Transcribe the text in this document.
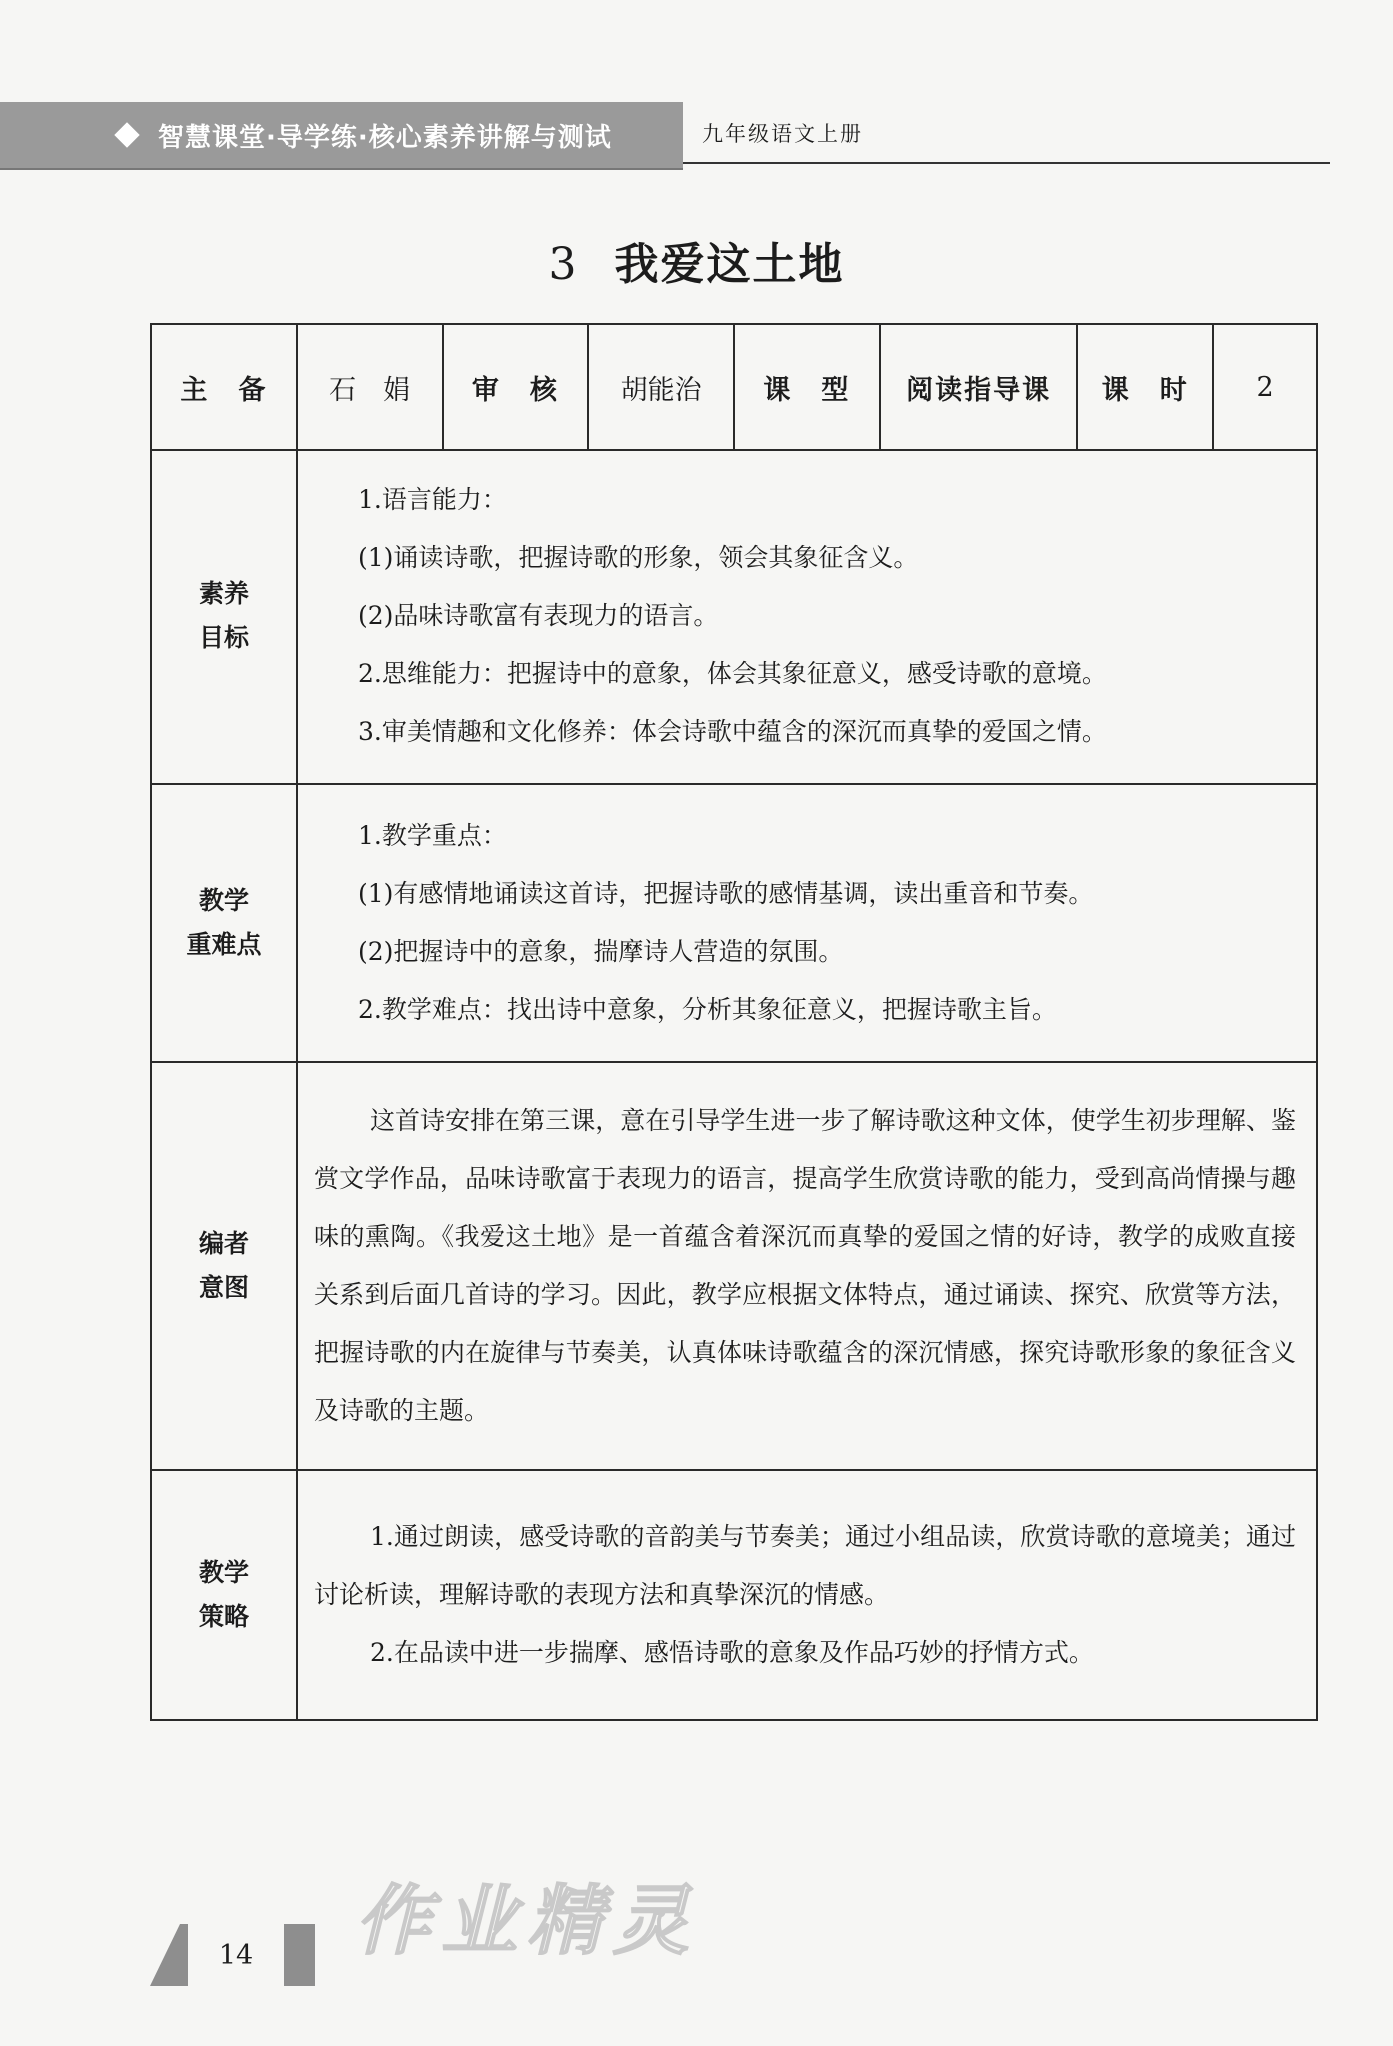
智慧课堂·导学练·核心素养讲解与测试	九年级语文上册
3 我爱这土地
主　备	石　娟	审　核	胡能治	课　型	阅读指导课	课　时	2
素养
目标

1.语言能力：

(1)诵读诗歌，把握诗歌的形象，领会其象征含义。

(2)品味诗歌富有表现力的语言。

2.思维能力：把握诗中的意象，体会其象征意义，感受诗歌的意境。

3.审美情趣和文化修养：体会诗歌中蕴含的深沉而真挚的爱国之情。

教学
重难点

1.教学重点：

(1)有感情地诵读这首诗，把握诗歌的感情基调，读出重音和节奏。

(2)把握诗中的意象，揣摩诗人营造的氛围。

2.教学难点：找出诗中意象，分析其象征意义，把握诗歌主旨。

编者
意图

这首诗安排在第三课，意在引导学生进一步了解诗歌这种文体，使学生初步理解、鉴赏文学作品，品味诗歌富于表现力的语言，提高学生欣赏诗歌的能力，受到高尚情操与趣味的熏陶。《我爱这土地》是一首蕴含着深沉而真挚的爱国之情的好诗，教学的成败直接关系到后面几首诗的学习。因此，教学应根据文体特点，通过诵读、探究、欣赏等方法，把握诗歌的内在旋律与节奏美，认真体味诗歌蕴含的深沉情感，探究诗歌形象的象征含义及诗歌的主题。

教学
策略

1.通过朗读，感受诗歌的音韵美与节奏美；通过小组品读，欣赏诗歌的意境美；通过讨论析读，理解诗歌的表现方法和真挚深沉的情感。

2.在品读中进一步揣摩、感悟诗歌的意象及作品巧妙的抒情方式。

14	作业精灵
